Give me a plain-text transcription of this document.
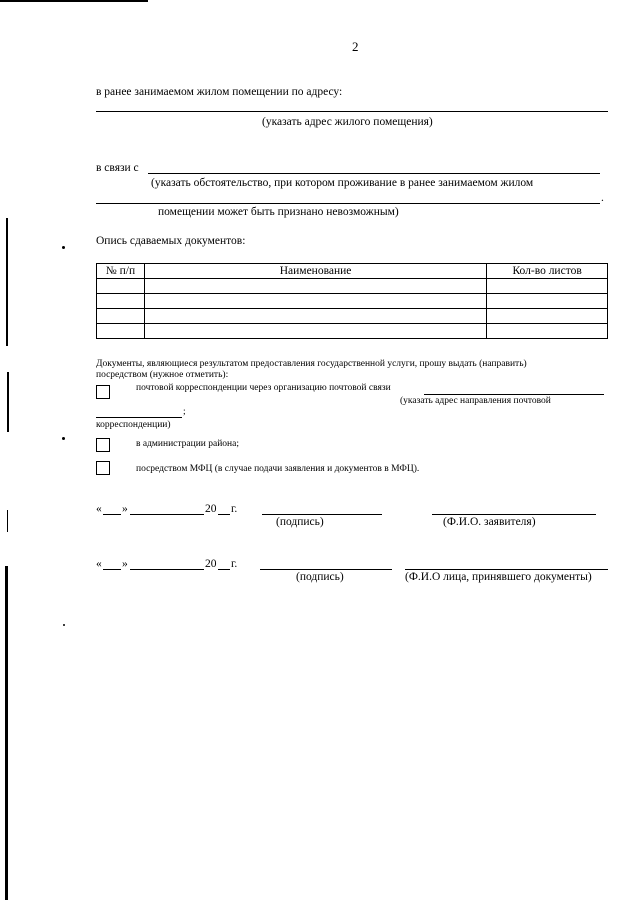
2
в ранее занимаемом жилом помещении по адресу:
(указать адрес жилого помещения)
в связи с
(указать обстоятельство, при котором проживание в ранее занимаемом жилом
.
помещении может быть признано невозможным)
Опись сдаваемых документов:
№ п/п	Наименование	Кол-во листов

Документы, являющиеся результатом предоставления государственной услуги, прошу выдать (направить)
посредством (нужное отметить):
почтовой корреспонденции через организацию почтовой связи
(указать адрес направления почтовой
;
корреспонденции)
в администрации района;
посредством МФЦ (в случае подачи заявления и документов в МФЦ).
« »	20 г.
(подпись)	(Ф.И.О. заявителя)
« »	20 г.
(подпись)	(Ф.И.О лица, принявшего документы)
